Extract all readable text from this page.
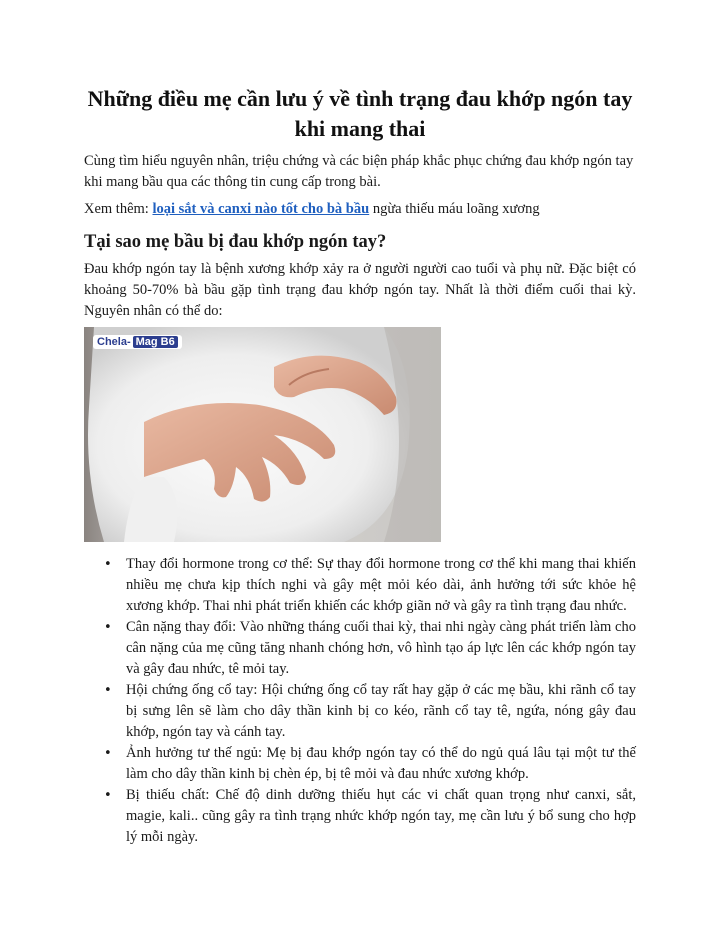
Những điều mẹ cần lưu ý về tình trạng đau khớp ngón tay khi mang thai

Cùng tìm hiểu nguyên nhân, triệu chứng và các biện pháp khắc phục chứng đau khớp ngón tay khi mang bầu qua các thông tin cung cấp trong bài.

Xem thêm: loại sắt và canxi nào tốt cho bà bầu ngừa thiếu máu loãng xương

Tại sao mẹ bầu bị đau khớp ngón tay?

Đau khớp ngón tay là bệnh xương khớp xảy ra ở người người cao tuổi và phụ nữ. Đặc biệt có khoảng 50-70% bà bầu gặp tình trạng đau khớp ngón tay. Nhất là thời điểm cuối thai kỳ. Nguyên nhân có thể do:

Chela- Mag B6
• Thay đổi hormone trong cơ thể: Sự thay đổi hormone trong cơ thể khi mang thai khiến nhiều mẹ chưa kịp thích nghi và gây mệt mỏi kéo dài, ảnh hưởng tới sức khỏe hệ xương khớp. Thai nhi phát triển khiến các khớp giãn nở và gây ra tình trạng đau nhức.
• Cân nặng thay đổi: Vào những tháng cuối thai kỳ, thai nhi ngày càng phát triển làm cho cân nặng của mẹ cũng tăng nhanh chóng hơn, vô hình tạo áp lực lên các khớp ngón tay và gây đau nhức, tê mỏi tay.
• Hội chứng ống cổ tay: Hội chứng ống cổ tay rất hay gặp ở các mẹ bầu, khi rãnh cổ tay bị sưng lên sẽ làm cho dây thần kinh bị co kéo, rãnh cổ tay tê, ngứa, nóng gây đau khớp, ngón tay và cánh tay.
• Ảnh hưởng tư thế ngủ: Mẹ bị đau khớp ngón tay có thể do ngủ quá lâu tại một tư thế làm cho dây thần kinh bị chèn ép, bị tê mỏi và đau nhức xương khớp.
• Bị thiếu chất: Chế độ dinh dưỡng thiếu hụt các vi chất quan trọng như canxi, sắt, magie, kali.. cũng gây ra tình trạng nhức khớp ngón tay, mẹ cần lưu ý bổ sung cho hợp lý mỗi ngày.
